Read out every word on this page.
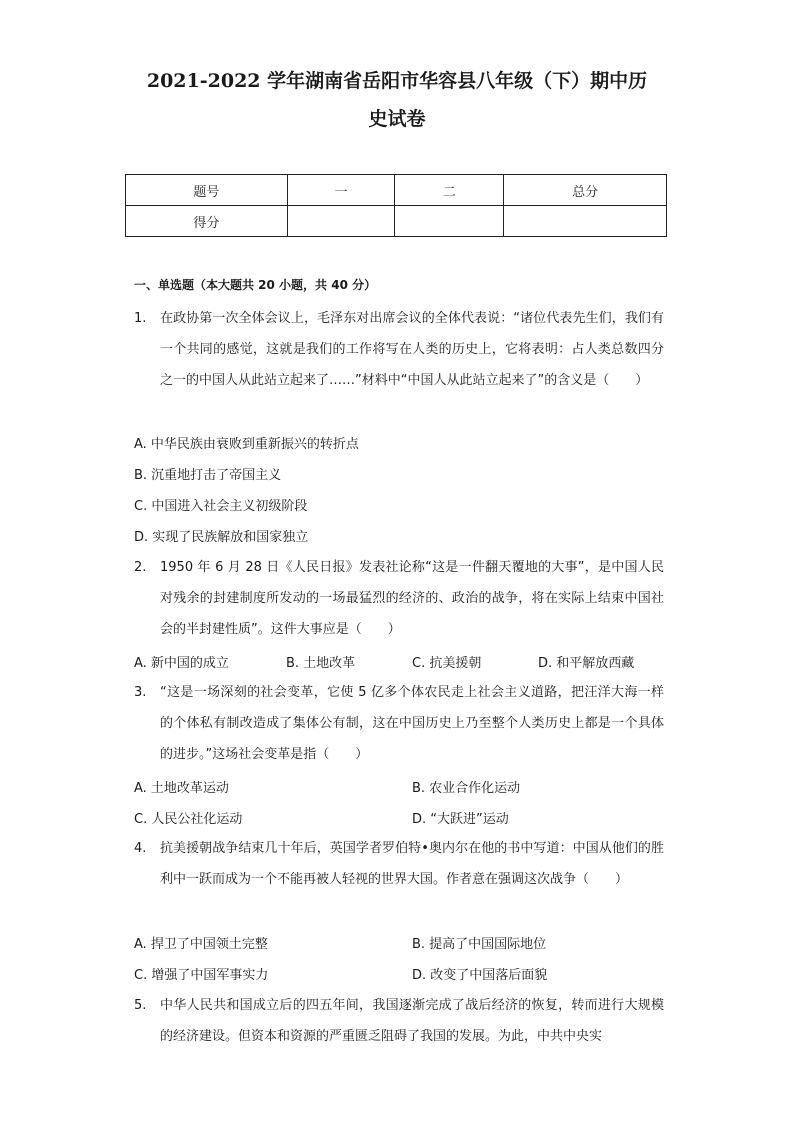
2021-2022 学年湖南省岳阳市华容县八年级（下）期中历
史试卷
题号	一	二	总分
得分			
一、单选题（本大题共 20 小题，共 40 分）
1.	在政协第一次全体会议上，毛泽东对出席会议的全体代表说：“诸位代表先生们，我们有一个共同的感觉，这就是我们的工作将写在人类的历史上，它将表明：占人类总数四分之一的中国人从此站立起来了……”材料中“中国人从此站立起来了”的含义是（　　）
A. 中华民族由衰败到重新振兴的转折点
B. 沉重地打击了帝国主义
C. 中国进入社会主义初级阶段
D. 实现了民族解放和国家独立
2.	1950 年 6 月 28 日《人民日报》发表社论称“这是一件翻天覆地的大事”，是中国人民对残余的封建制度所发动的一场最猛烈的经济的、政治的战争，将在实际上结束中国社会的半封建性质”。这件大事应是（　　）
A. 新中国的成立	B. 土地改革	C. 抗美援朝	D. 和平解放西藏
3.	“这是一场深刻的社会变革，它使 5 亿多个体农民走上社会主义道路，把汪洋大海一样的个体私有制改造成了集体公有制，这在中国历史上乃至整个人类历史上都是一个具体的进步。”这场社会变革是指（　　）
A. 土地改革运动	B. 农业合作化运动
C. 人民公社化运动	D. “大跃进”运动
4.	抗美援朝战争结束几十年后，英国学者罗伯特•奥内尔在他的书中写道：中国从他们的胜利中一跃而成为一个不能再被人轻视的世界大国。作者意在强调这次战争（　　）
A. 捍卫了中国领土完整	B. 提高了中国国际地位
C. 增强了中国军事实力	D. 改变了中国落后面貌
5.	中华人民共和国成立后的四五年间，我国逐渐完成了战后经济的恢复，转而进行大规模的经济建设。但资本和资源的严重匮乏阻碍了我国的发展。为此，中共中央实
